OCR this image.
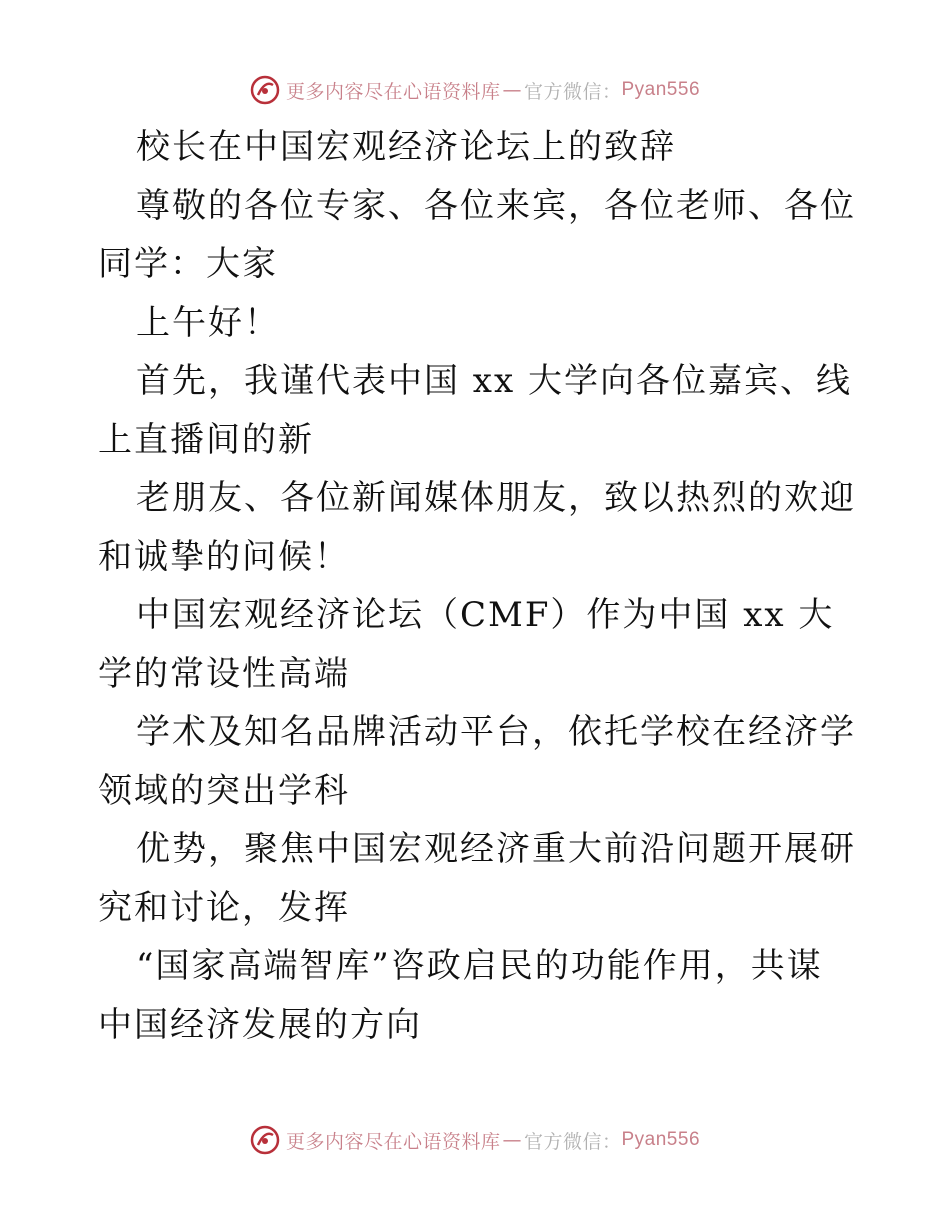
更多内容尽在心语资料库 — 官方微信： Pyan556

校长在中国宏观经济论坛上的致辞

尊敬的各位专家、各位来宾，各位老师、各位同学：大家

上午好！

首先，我谨代表中国 xx 大学向各位嘉宾、线上直播间的新

老朋友、各位新闻媒体朋友，致以热烈的欢迎和诚挚的问候！

中国宏观经济论坛（CMF）作为中国 xx 大学的常设性高端

学术及知名品牌活动平台，依托学校在经济学领域的突出学科

优势，聚焦中国宏观经济重大前沿问题开展研究和讨论，发挥

“国家高端智库”咨政启民的功能作用，共谋中国经济发展的方向

更多内容尽在心语资料库 — 官方微信： Pyan556
